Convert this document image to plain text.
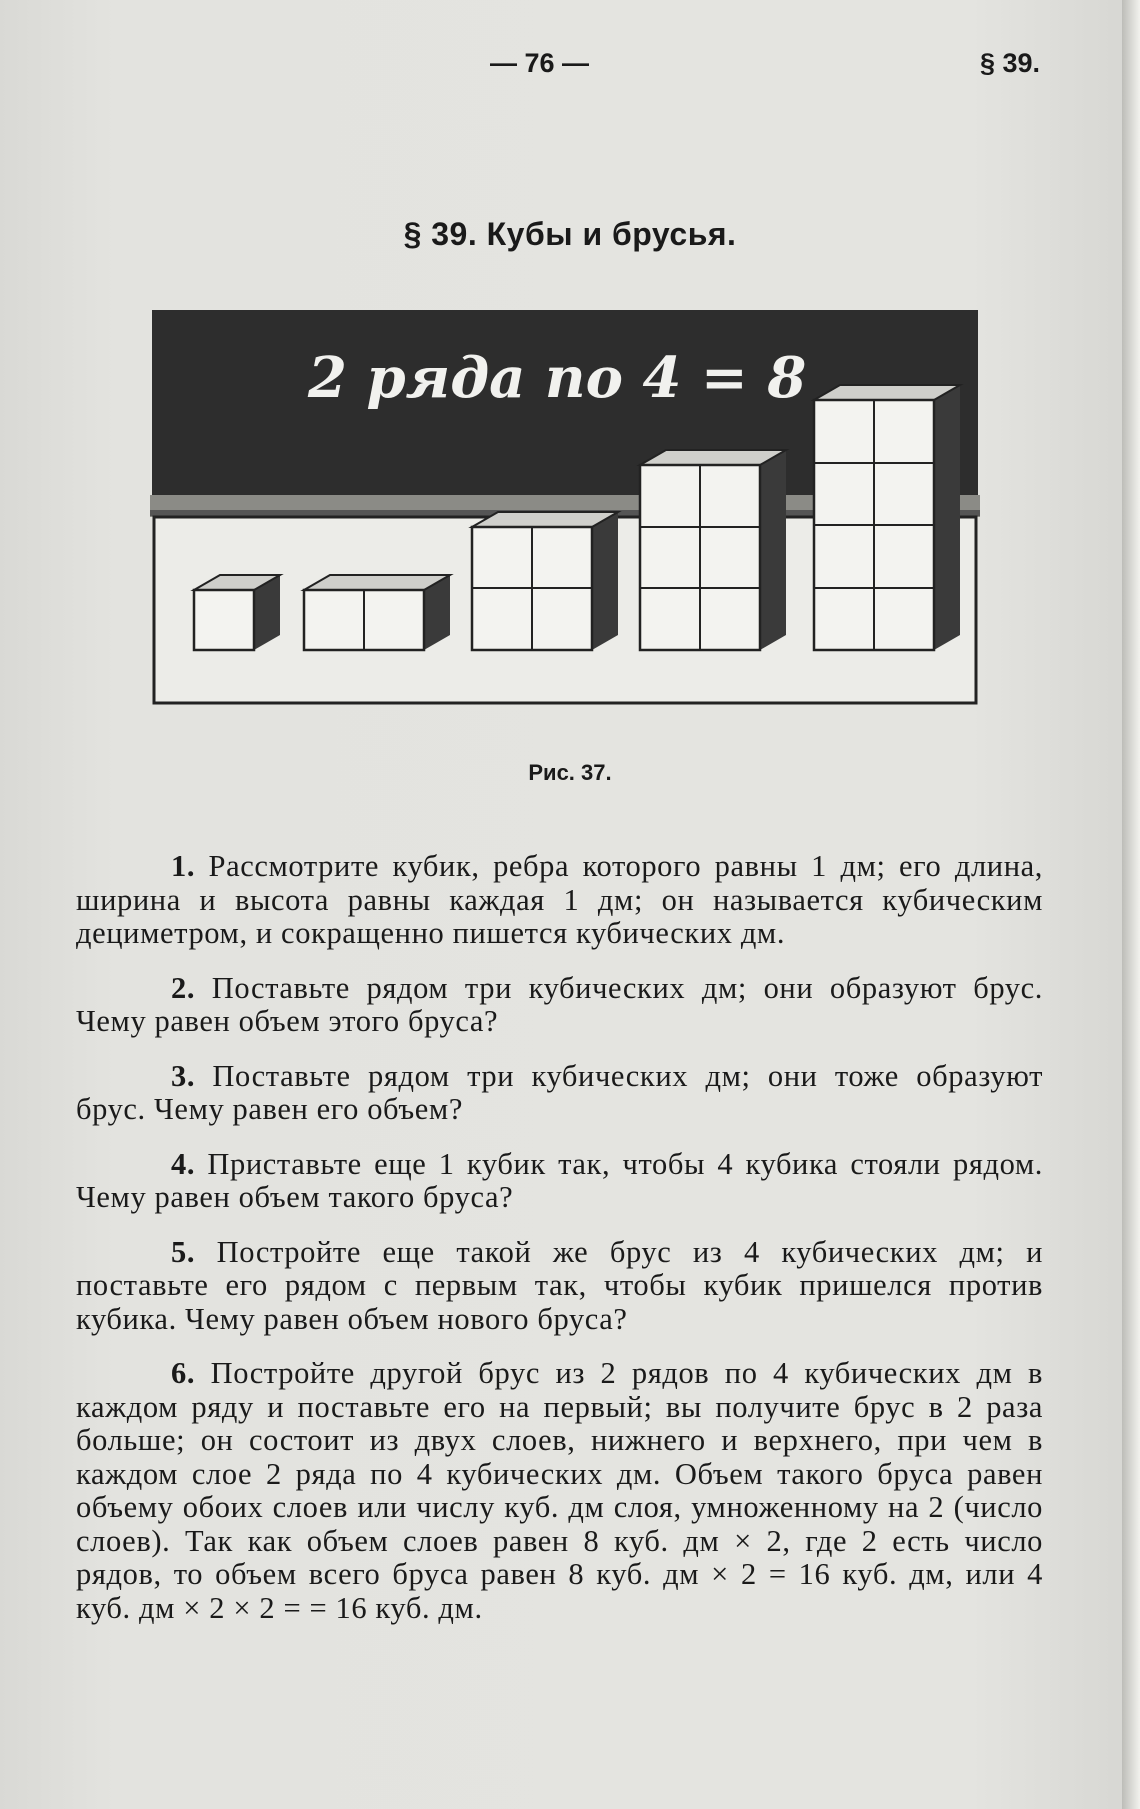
— 76 —	§ 39.
§ 39. Кубы и брусья.
2 ряда по 4 = 8
Рис. 37.

1. Рассмотрите кубик, ребра которого равны 1 дм; его длина, ширина и высота равны каждая 1 дм; он называется кубическим дециметром, и сокращенно пишется кубических дм.

2. Поставьте рядом три кубических дм; они образуют брус. Чему равен объем этого бруса?

3. Поставьте рядом три кубических дм; они тоже образуют брус. Чему равен его объем?

4. Приставьте еще 1 кубик так, чтобы 4 кубика стояли рядом. Чему равен объем такого бруса?

5. Постройте еще такой же брус из 4 кубических дм; и поставьте его рядом с первым так, чтобы кубик пришелся против кубика. Чему равен объем нового бруса?

6. Постройте другой брус из 2 рядов по 4 кубических дм в каждом ряду и поставьте его на первый; вы получите брус в 2 раза больше; он состоит из двух слоев, нижнего и верхнего, при чем в каждом слое 2 ряда по 4 кубических дм. Объем такого бруса равен объему обоих слоев или числу куб. дм слоя, умноженному на 2 (число слоев). Так как объем слоев равен 8 куб. дм × 2, где 2 есть число рядов, то объем всего бруса равен 8 куб. дм × 2 = 16 куб. дм, или 4 куб. дм × 2 × 2 = = 16 куб. дм.
